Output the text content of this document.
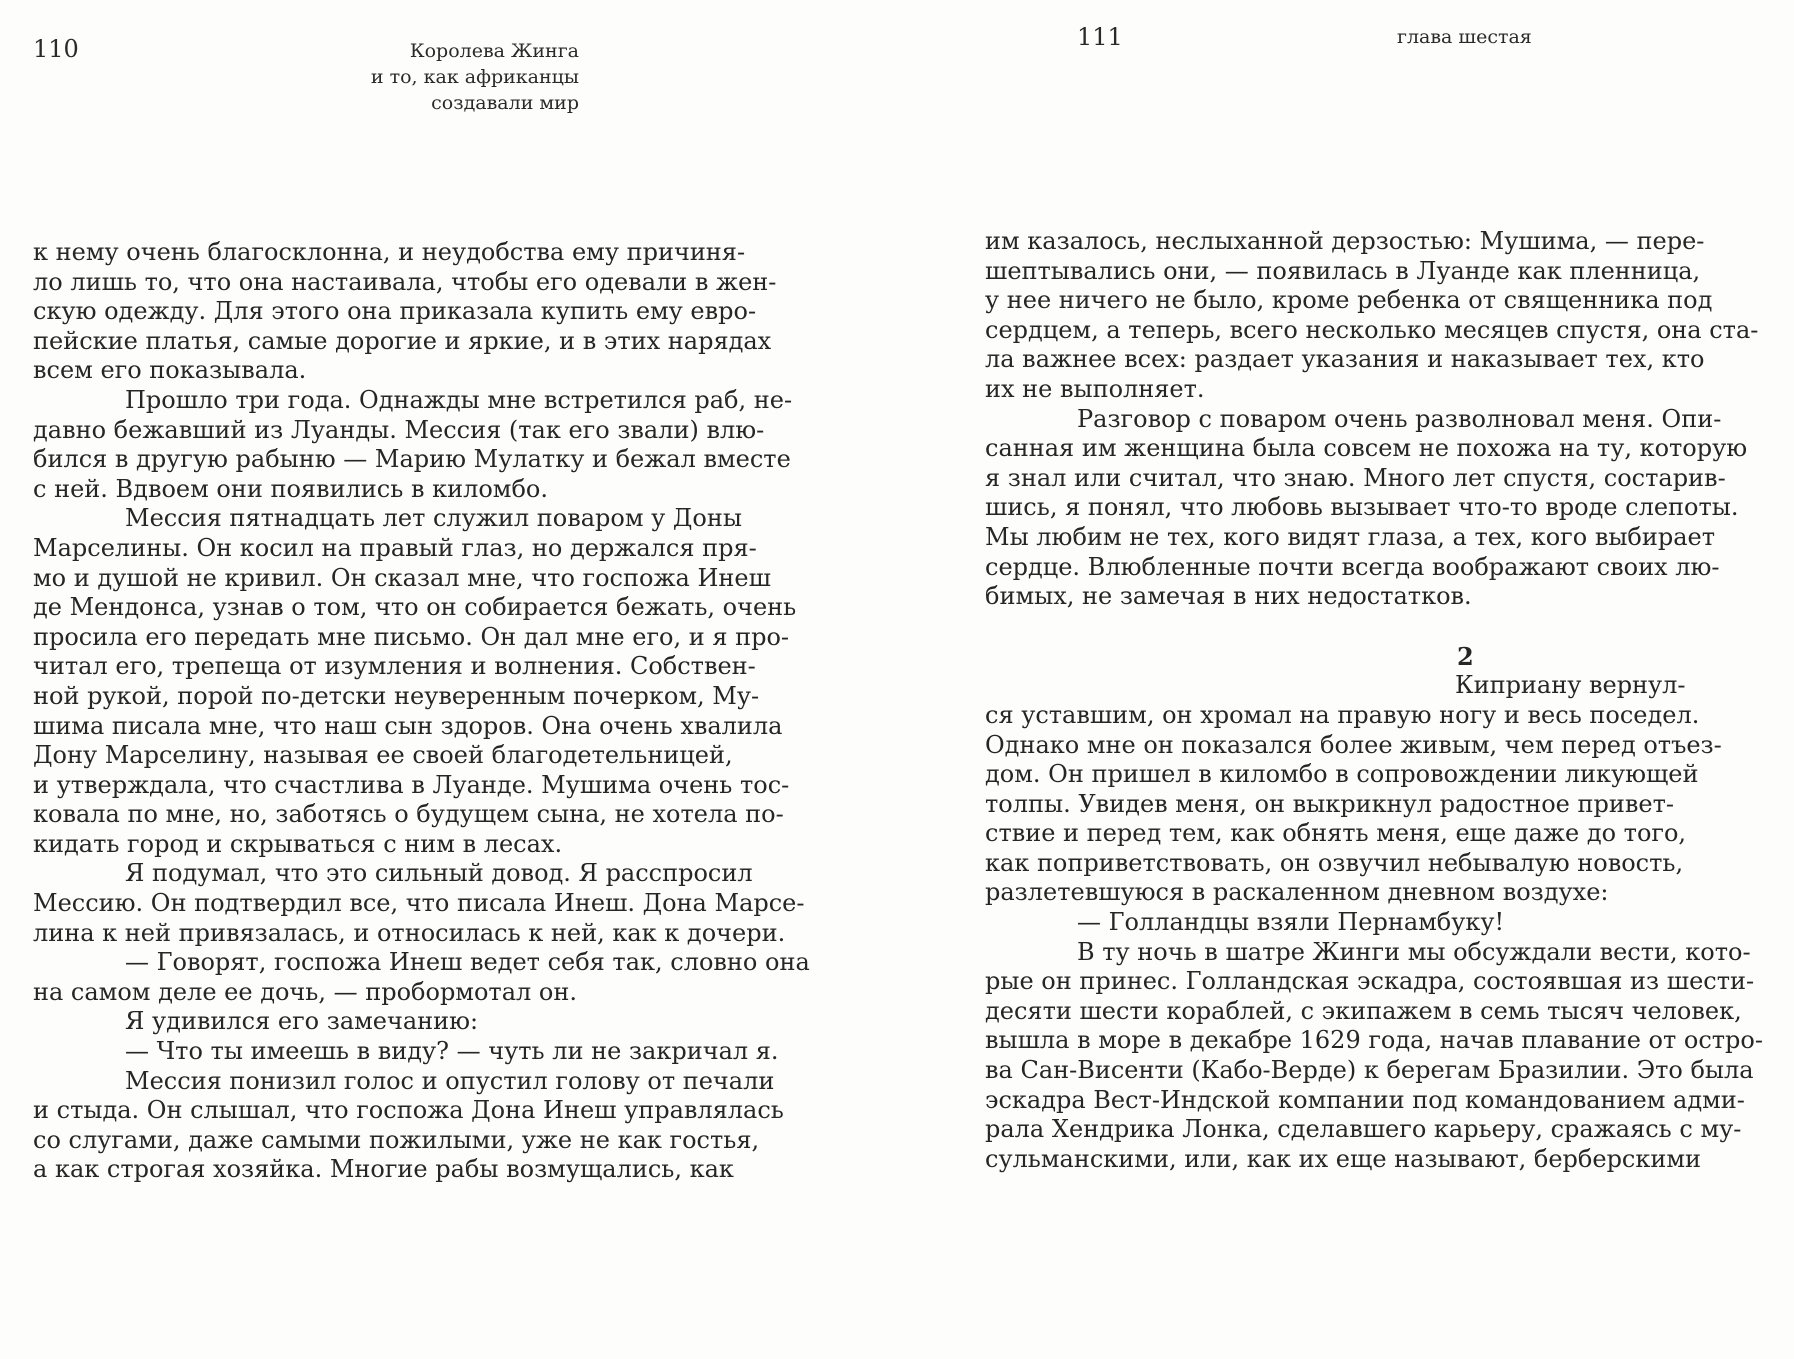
110	Королева Жинга
и то, как африканцы
создавали мир
к нему очень благосклонна, и неудобства ему причиня-
ло лишь то, что она настаивала, чтобы его одевали в жен-
скую одежду. Для этого она приказала купить ему евро-
пейские платья, самые дорогие и яркие, и в этих нарядах
всем его показывала.
Прошло три года. Однажды мне встретился раб, не-
давно бежавший из Луанды. Мессия (так его звали) влю-
бился в другую рабыню — Марию Мулатку и бежал вместе
с ней. Вдвоем они появились в киломбо.
Мессия пятнадцать лет служил поваром у Доны
Марселины. Он косил на правый глаз, но держался пря-
мо и душой не кривил. Он сказал мне, что госпожа Инеш
де Мендонса, узнав о том, что он собирается бежать, очень
просила его передать мне письмо. Он дал мне его, и я про-
читал его, трепеща от изумления и волнения. Собствен-
ной рукой, порой по-детски неуверенным почерком, Му-
шима писала мне, что наш сын здоров. Она очень хвалила
Дону Марселину, называя ее своей благодетельницей,
и утверждала, что счастлива в Луанде. Мушима очень тос-
ковала по мне, но, заботясь о будущем сына, не хотела по-
кидать город и скрываться с ним в лесах.
Я подумал, что это сильный довод. Я расспросил
Мессию. Он подтвердил все, что писала Инеш. Дона Марсе-
лина к ней привязалась, и относилась к ней, как к дочери.
— Говорят, госпожа Инеш ведет себя так, словно она
на самом деле ее дочь, — пробормотал он.
Я удивился его замечанию:
— Что ты имеешь в виду? — чуть ли не закричал я.
Мессия понизил голос и опустил голову от печали
и стыда. Он слышал, что госпожа Дона Инеш управлялась
со слугами, даже самыми пожилыми, уже не как гостья,
а как строгая хозяйка. Многие рабы возмущались, как
111	глава шестая
им казалось, неслыханной дерзостью: Мушима, — пере-
шептывались они, — появилась в Луанде как пленница,
у нее ничего не было, кроме ребенка от священника под
сердцем, а теперь, всего несколько месяцев спустя, она ста-
ла важнее всех: раздает указания и наказывает тех, кто
их не выполняет.
Разговор с поваром очень разволновал меня. Опи-
санная им женщина была совсем не похожа на ту, которую
я знал или считал, что знаю. Много лет спустя, состарив-
шись, я понял, что любовь вызывает что-то вроде слепоты.
Мы любим не тех, кого видят глаза, а тех, кого выбирает
сердце. Влюбленные почти всегда воображают своих лю-
бимых, не замечая в них недостатков.
2
Киприану вернул-
ся уставшим, он хромал на правую ногу и весь поседел.
Однако мне он показался более живым, чем перед отъез-
дом. Он пришел в киломбо в сопровождении ликующей
толпы. Увидев меня, он выкрикнул радостное привет-
ствие и перед тем, как обнять меня, еще даже до того,
как поприветствовать, он озвучил небывалую новость,
разлетевшуюся в раскаленном дневном воздухе:
— Голландцы взяли Пернамбуку!
В ту ночь в шатре Жинги мы обсуждали вести, кото-
рые он принес. Голландская эскадра, состоявшая из шести-
десяти шести кораблей, с экипажем в семь тысяч человек,
вышла в море в декабре 1629 года, начав плавание от остро-
ва Сан-Висенти (Кабо-Верде) к берегам Бразилии. Это была
эскадра Вест-Индской компании под командованием адми-
рала Хендрика Лонка, сделавшего карьеру, сражаясь с му-
сульманскими, или, как их еще называют, берберскими
